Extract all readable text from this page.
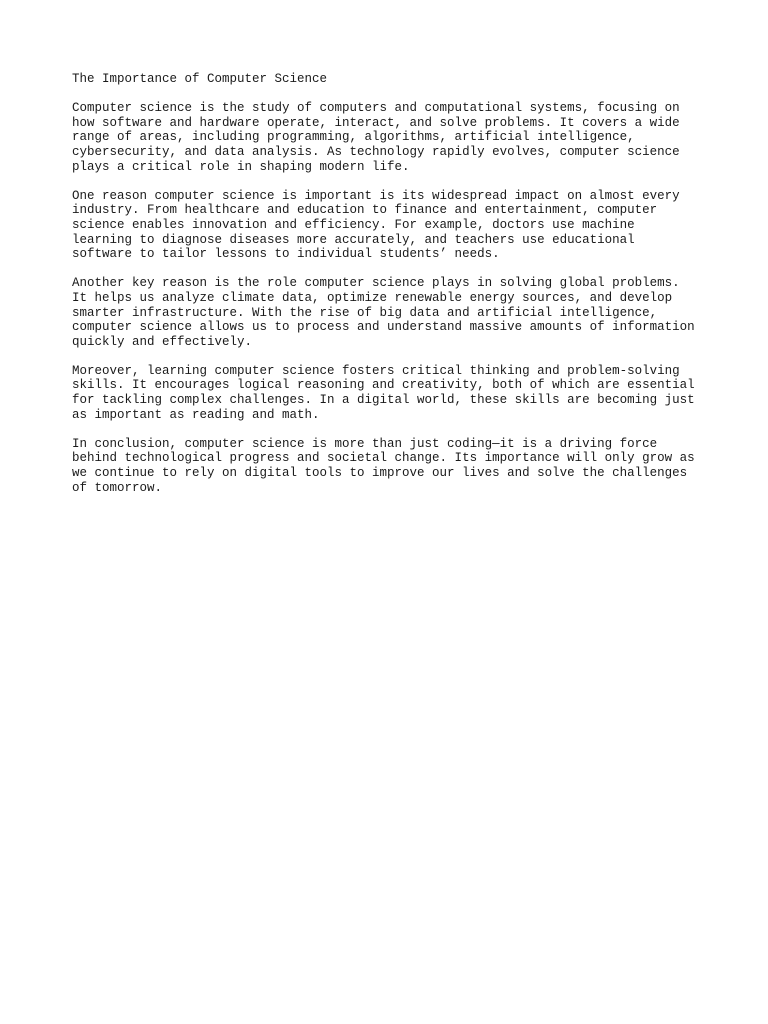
The Importance of Computer Science
Computer science is the study of computers and computational systems, focusing on
how software and hardware operate, interact, and solve problems. It covers a wide
range of areas, including programming, algorithms, artificial intelligence,
cybersecurity, and data analysis. As technology rapidly evolves, computer science
plays a critical role in shaping modern life.
One reason computer science is important is its widespread impact on almost every
industry. From healthcare and education to finance and entertainment, computer
science enables innovation and efficiency. For example, doctors use machine
learning to diagnose diseases more accurately, and teachers use educational
software to tailor lessons to individual students’ needs.
Another key reason is the role computer science plays in solving global problems.
It helps us analyze climate data, optimize renewable energy sources, and develop
smarter infrastructure. With the rise of big data and artificial intelligence,
computer science allows us to process and understand massive amounts of information
quickly and effectively.
Moreover, learning computer science fosters critical thinking and problem-solving
skills. It encourages logical reasoning and creativity, both of which are essential
for tackling complex challenges. In a digital world, these skills are becoming just
as important as reading and math.
In conclusion, computer science is more than just coding—it is a driving force
behind technological progress and societal change. Its importance will only grow as
we continue to rely on digital tools to improve our lives and solve the challenges
of tomorrow.
